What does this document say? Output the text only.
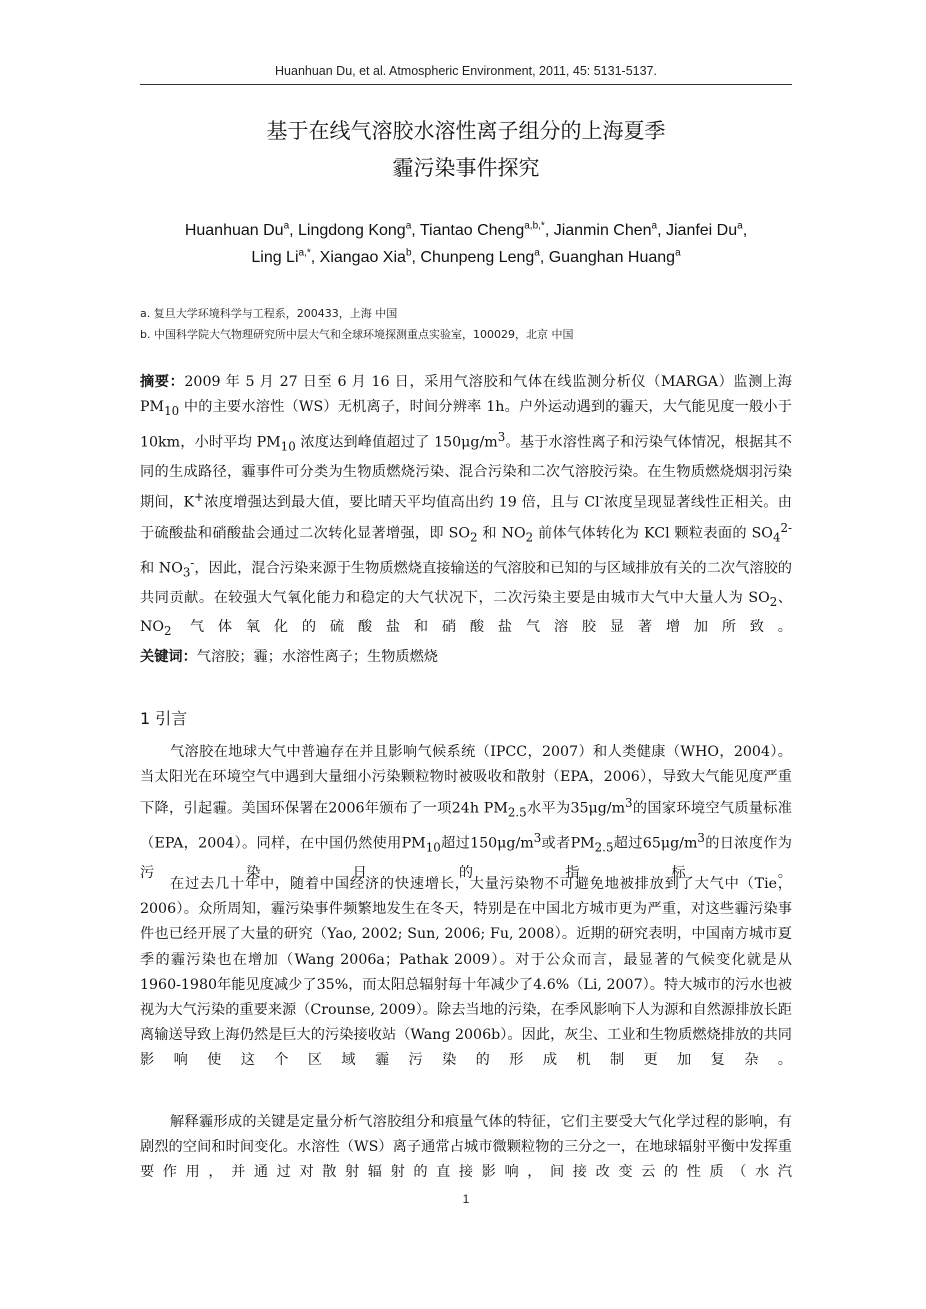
Huanhuan Du, et al. Atmospheric Environment, 2011, 45: 5131-5137.
基于在线气溶胶水溶性离子组分的上海夏季
霾污染事件探究
Huanhuan Du$^a$, Lingdong Kong$^a$, Tiantao Cheng$^{a,b,*}$, Jianmin Chen$^a$, Jianfei Du$^a$,
Ling $Li^{a,*}$, Xiangao Xia$^b$, Chunpeng Leng$^a$, Guanghan Huang$^a$
a. 复旦大学环境科学与工程系，200433，上海 中国
b. 中国科学院大气物理研究所中层大气和全球环境探测重点实验室，100029，北京 中国
摘要：2009 年 5 月 27 日至 6 月 16 日，采用气溶胶和气体在线监测分析仪（MARGA）监测上海 $PM_{10}$ 中的主要水溶性（WS）无机离子，时间分辨率 1h。户外运动遇到的霾天，大气能见度一般小于 10km，小时平均 $PM_{10}$ 浓度达到峰值超过了 $150\mu g/m^3$。基于水溶性离子和污染气体情况，根据其不同的生成路径，霾事件可分类为生物质燃烧污染、混合污染和二次气溶胶污染。在生物质燃烧烟羽污染期间，K+浓度增强达到最大值，要比晴天平均值高出约 19 倍，且与 Cl-浓度呈现显著线性正相关。由于硫酸盐和硝酸盐会通过二次转化显著增强，即 $SO_2$ 和 $NO_2$ 前体气体转化为 KCl 颗粒表面的 $SO_4^{2-}$和 $NO_3^-$，因此，混合污染来源于生物质燃烧直接输送的气溶胶和已知的与区域排放有关的二次气溶胶的共同贡献。在较强大气氧化能力和稳定的大气状况下，二次污染主要是由城市大气中大量人为 $SO_2$、$NO_2$ 气体氧化的硫酸盐和硝酸盐气溶胶显著增加所致。
关键词：气溶胶；霾；水溶性离子；生物质燃烧
1 引言
气溶胶在地球大气中普遍存在并且影响气候系统（IPCC，2007）和人类健康（WHO，2004）。当太阳光在环境空气中遇到大量细小污染颗粒物时被吸收和散射（EPA，2006），导致大气能见度严重下降，引起霾。美国环保署在2006年颁布了一项24h $PM_{2.5}$水平为$35\mu g/m^3$的国家环境空气质量标准（EPA，2004）。同样，在中国仍然使用$PM_{10}$超过$150\mu g/m^3$或者$PM_{2.5}$超过$65\mu g/m^3$的日浓度作为污染日的指标。
在过去几十年中，随着中国经济的快速增长，大量污染物不可避免地被排放到了大气中（Tie，2006）。众所周知，霾污染事件频繁地发生在冬天，特别是在中国北方城市更为严重，对这些霾污染事件也已经开展了大量的研究（Yao, 2002; Sun, 2006; Fu, 2008）。近期的研究表明，中国南方城市夏季的霾污染也在增加（Wang 2006a；Pathak 2009）。对于公众而言，最显著的气候变化就是从1960-1980年能见度减少了35%，而太阳总辐射每十年减少了4.6%（Li, 2007）。特大城市的污水也被视为大气污染的重要来源（Crounse, 2009）。除去当地的污染，在季风影响下人为源和自然源排放长距离输送导致上海仍然是巨大的污染接收站（Wang 2006b）。因此，灰尘、工业和生物质燃烧排放的共同影响使这个区域霾污染的形成机制更加复杂。
解释霾形成的关键是定量分析气溶胶组分和痕量气体的特征，它们主要受大气化学过程的影响，有剧烈的空间和时间变化。水溶性（WS）离子通常占城市微颗粒物的三分之一，在地球辐射平衡中发挥重要作用，并通过对散射辐射的直接影响，间接改变云的性质（水汽
1
